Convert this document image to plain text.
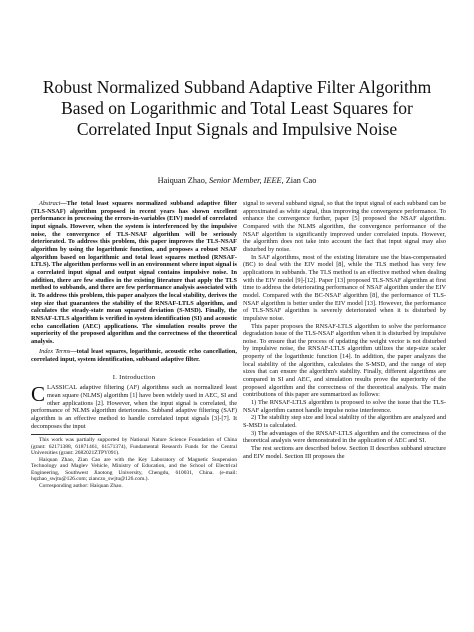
Robust Normalized Subband Adaptive Filter Algorithm Based on Logarithmic and Total Least Squares for Correlated Input Signals and Impulsive Noise
Haiquan Zhao, Senior Member, IEEE, Zian Cao

Abstract—The total least squares normalized subband adaptive filter (TLS-NSAF) algorithm proposed in recent years has shown excellent performance in processing the errors-in-variables (EIV) model of correlated input signals. However, when the system is interferenced by the impulsive noise, the convergence of TLS-NSAF algorithm will be seriously deteriorated. To address this problem, this paper improves the TLS-NSAF algorithm by using the logarithmic function, and proposes a robust NSAF algorithm based on logarithmic and total least squares method (RNSAF-LTLS). The algorithm performs well in an environment where input signal is a correlated input signal and output signal contains impulsive noise. In addition, there are few studies in the existing literature that apply the TLS method to subbands, and there are few performance analysis associated with it. To address this problem, this paper analyzes the local stability, derives the step size that guarantees the stability of the RNSAF-LTLS algorithm, and calculates the steady-state mean squared deviation (S-MSD). Finally, the RNSAF-LTLS algorithm is verified in system identification (SI) and acoustic echo cancellation (AEC) applications. The simulation results prove the superiority of the proposed algorithm and the correctness of the theoretical analysis.

Index Terms—total least squares, logarithmic, acoustic echo cancellation, correlated input, system identification, subband adaptive filter.

I. Introduction

CLASSICAL adaptive filtering (AF) algorithms such as normalized least mean square (NLMS) algorithm [1] have been widely used in AEC, SI and other applications [2]. However, when the input signal is correlated, the performance of NLMS algorithm deteriorates. Subband adaptive filtering (SAF) algorithm is an effective method to handle correlated input signals [3]-[7]. It decomposes the input

This work was partially supported by National Nature Science Foundation of China (grant: 62171388, 61871461, 61571374), Fundamental Research Funds for the Central Universities (grant: 2682021ZTPY091).

Haiquan Zhao, Zian Cao are with the Key Laboratory of Magnetic Suspension Technology and Maglev Vehicle, Ministry of Education, and the School of Electrical Engineering, Southwest Jiaotong University, Chengdu, 610031, China. (e-mail: hqzhao_swjtu@126.com; zianczo_swjtu@126.com.).

Corresponding author: Haiquan Zhao.

signal to several subband signal, so that the input signal of each subband can be approximated as white signal, thus improving the convergence performance. To enhance the convergence further, paper [5] proposed the NSAF algorithm. Compared with the NLMS algorithm, the convergence performance of the NSAF algorithm is significantly improved under correlated inputs. However, the algorithm does not take into account the fact that input signal may also disturbed by noise.

In SAF algorithms, most of the existing literature use the bias-compensated (BC) to deal with the EIV model [8], while the TLS method has very few applications in subbands. The TLS method is an effective method when dealing with the EIV model [9]-[12]. Paper [13] proposed TLS-NSAF algorithm at first time to address the deteriorating performance of NSAF algorithm under the EIV model. Compared with the BC-NSAF algorithm [8], the performance of TLS-NSAF algorithm is better under the EIV model [13]. However, the performance of TLS-NSAF algorithm is severely deteriorated when it is disturbed by impulsive noise.

This paper proposes the RNSAF-LTLS algorithm to solve the performance degradation issue of the TLS-NSAF algorithm when it is disturbed by impulsive noise. To ensure that the process of updating the weight vector is not disturbed by impulsive noise, the RNSAF-LTLS algorithm utilizes the step-size scaler property of the logarithmic function [14]. In addition, the paper analyzes the local stability of the algorithm, calculates the S-MSD, and the range of step sizes that can ensure the algorithm's stability. Finally, different algorithms are compared in SI and AEC, and simulation results prove the superiority of the proposed algorithm and the correctness of the theoretical analysis. The main contributions of this paper are summarized as follows:

1) The RNSAF-LTLS algorithm is proposed to solve the issue that the TLS-NSAF algorithm cannot handle impulse noise interference.

2) The stability step size and local stability of the algorithm are analyzed and S-MSD is calculated.

3) The advantages of the RNSAF-LTLS algorithm and the correctness of the theoretical analysis were demonstrated in the application of AEC and SI.

The rest sections are described below. Section II describes subband structure and EIV model. Section III proposes the
